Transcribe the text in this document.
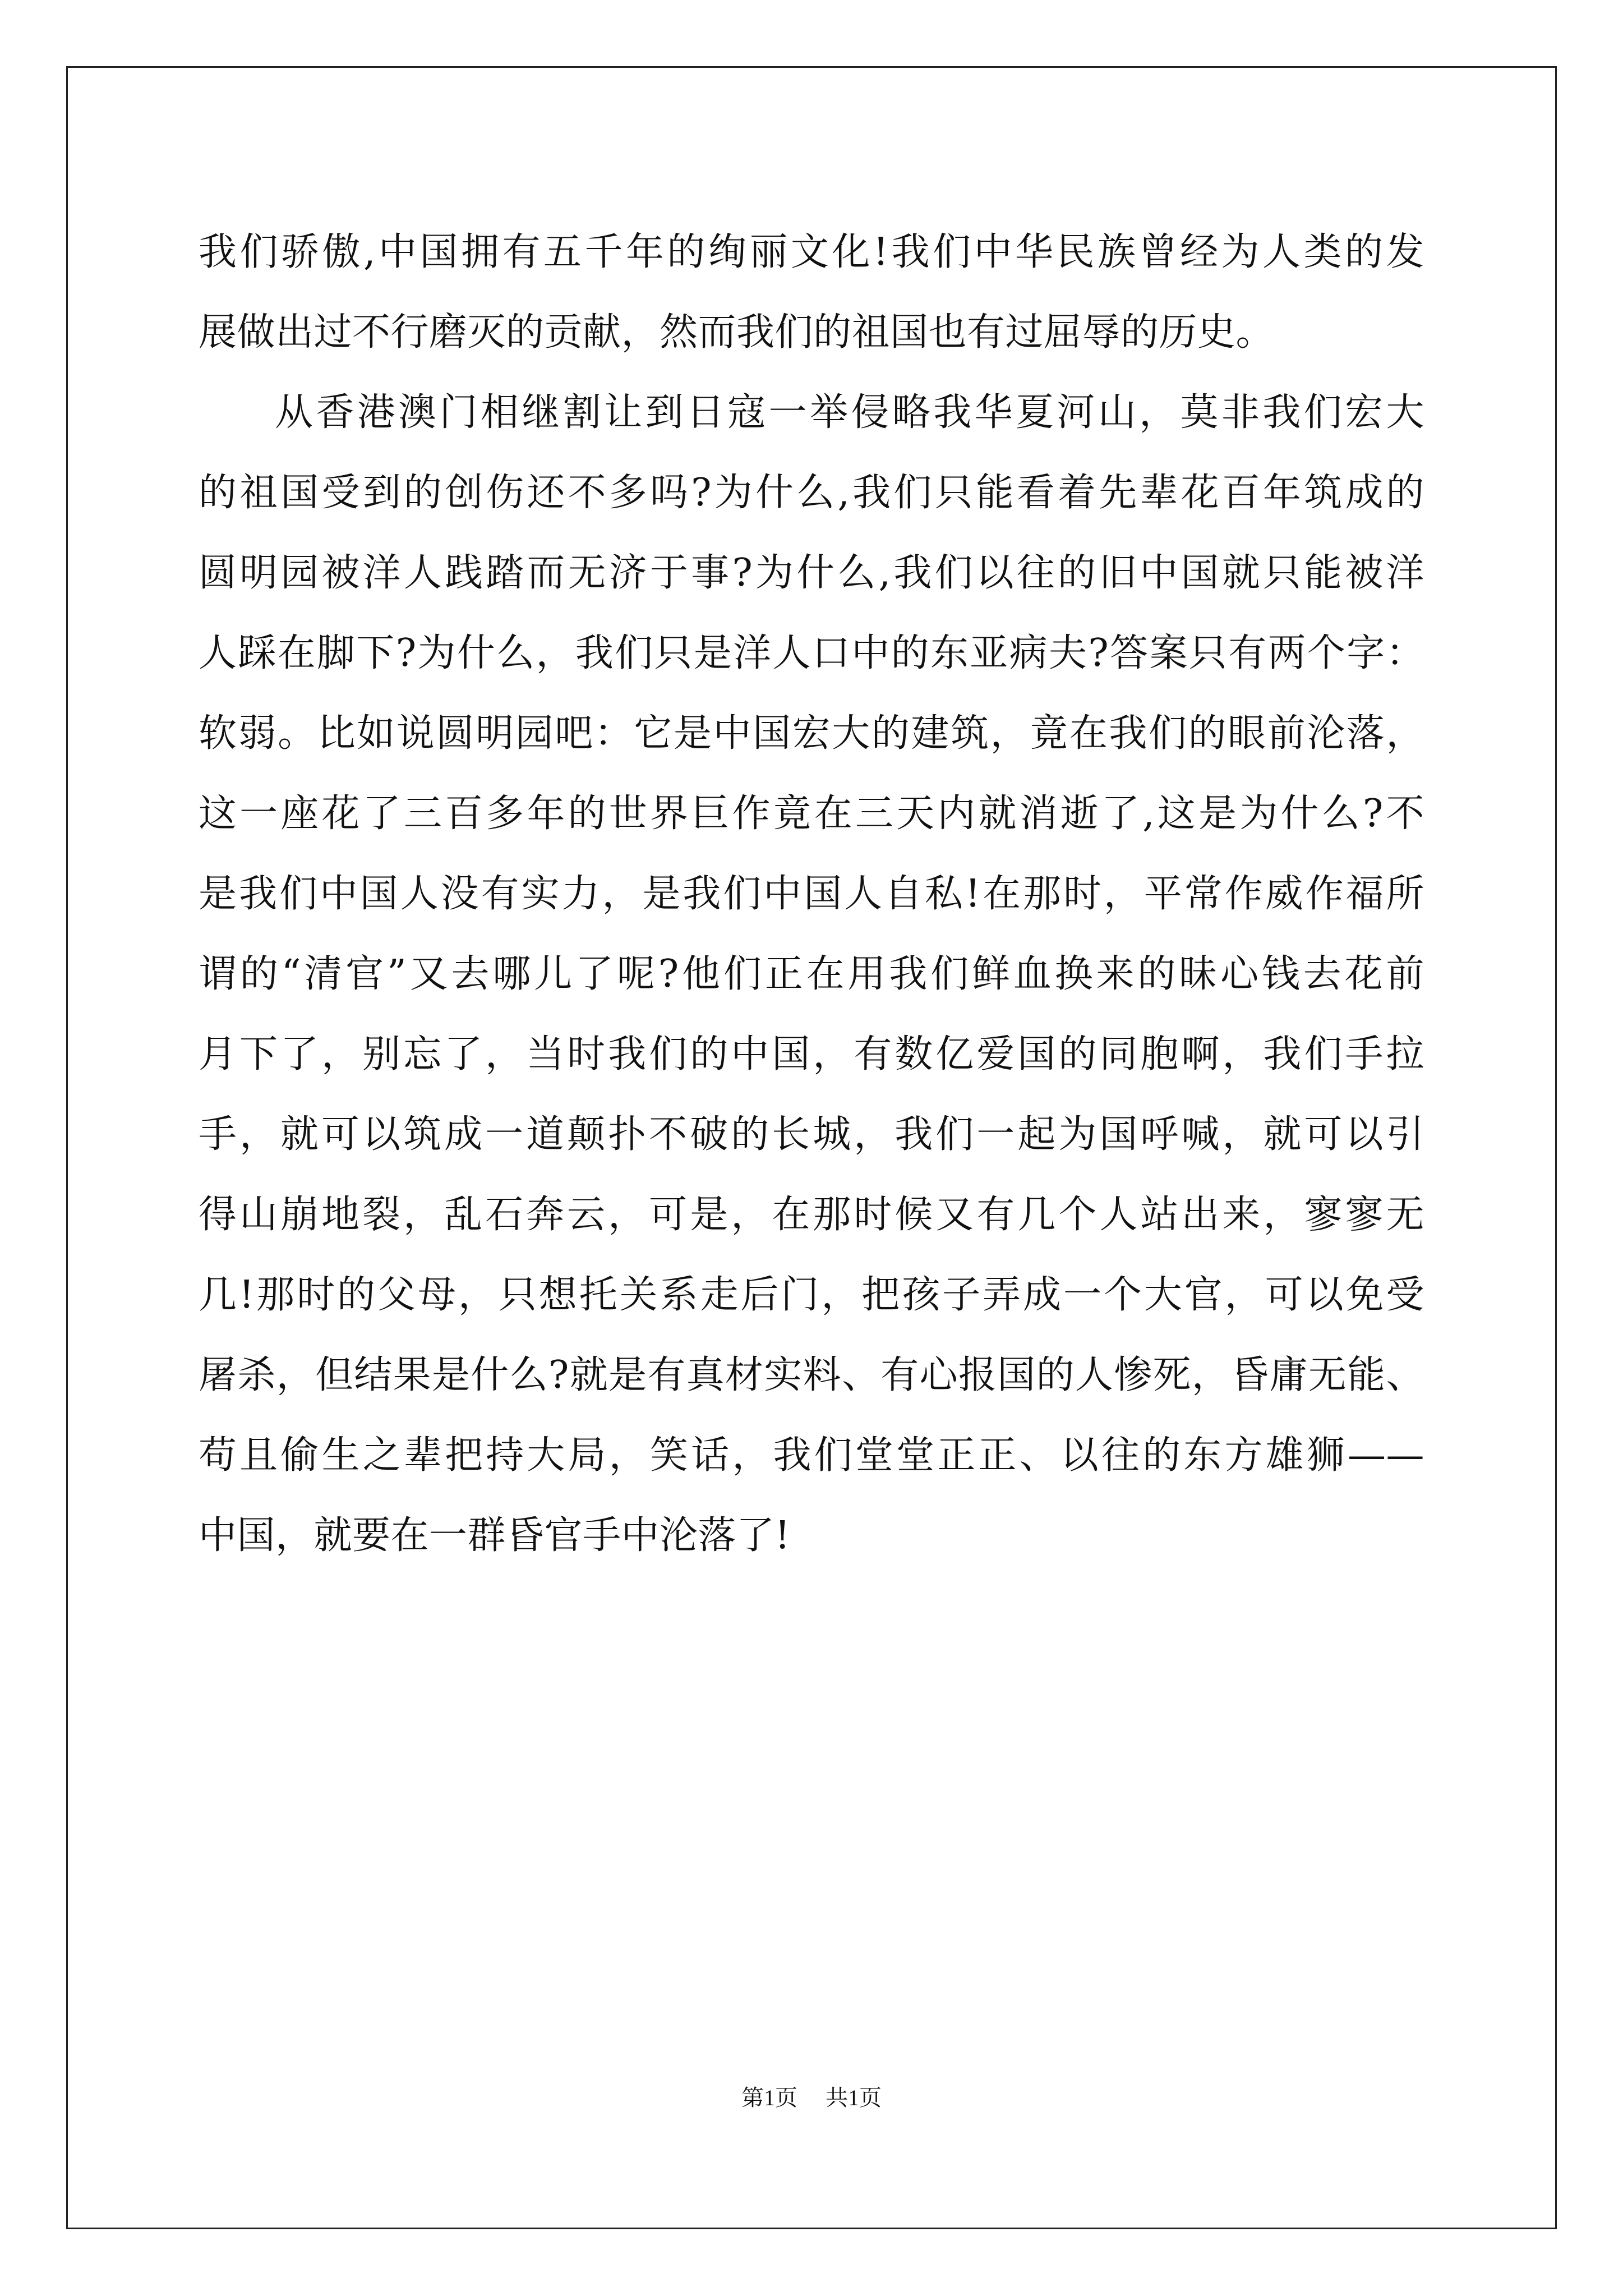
我们骄傲,中国拥有五千年的绚丽文化!我们中华民族曾经为人类的发
展做出过不行磨灭的贡献，然而我们的祖国也有过屈辱的历史。
从香港澳门相继割让到日寇一举侵略我华夏河山，莫非我们宏大
的祖国受到的创伤还不多吗?为什么,我们只能看着先辈花百年筑成的
圆明园被洋人践踏而无济于事?为什么,我们以往的旧中国就只能被洋
人踩在脚下?为什么，我们只是洋人口中的东亚病夫?答案只有两个字：
软弱。比如说圆明园吧：它是中国宏大的建筑，竟在我们的眼前沦落，
这一座花了三百多年的世界巨作竟在三天内就消逝了,这是为什么?不
是我们中国人没有实力，是我们中国人自私!在那时，平常作威作福所
谓的“清官”又去哪儿了呢?他们正在用我们鲜血换来的昧心钱去花前
月下了，别忘了，当时我们的中国，有数亿爱国的同胞啊，我们手拉
手，就可以筑成一道颠扑不破的长城，我们一起为国呼喊，就可以引
得山崩地裂，乱石奔云，可是，在那时候又有几个人站出来，寥寥无
几!那时的父母，只想托关系走后门，把孩子弄成一个大官，可以免受
屠杀，但结果是什么?就是有真材实料、有心报国的人惨死，昏庸无能、
苟且偷生之辈把持大局，笑话，我们堂堂正正、以往的东方雄狮——
中国，就要在一群昏官手中沦落了!
第1页 共1页
